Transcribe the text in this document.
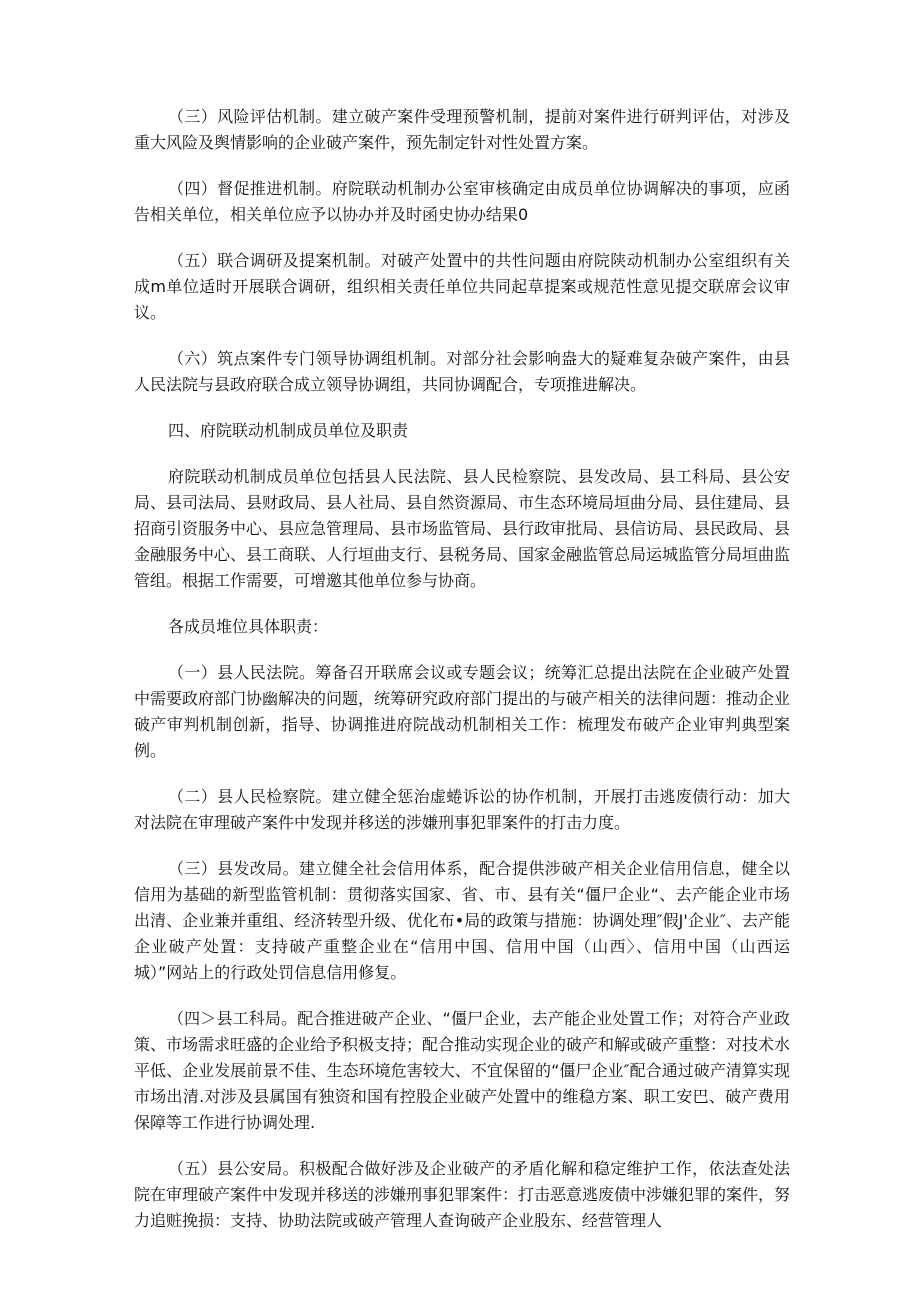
（三）风险评估机制。建立破产案件受理预警机制，提前对案件进行研判评估，对涉及重大风险及舆情影响的企业破产案件，预先制定针对性处置方案。

（四）督促推进机制。府院联动机制办公室审核确定由成员单位协调解决的事项，应函告相关单位，相关单位应予以协办并及时函史协办结果0

（五）联合调研及提案机制。对破产处置中的共性问题由府院陕动机制办公室组织有关成m单位适时开展联合调研，组织相关责任单位共同起草提案或规范性意见提交联席会议审议。

（六）筑点案件专门领导协调组机制。对部分社会影响盎大的疑难复杂破产案件，由县人民法院与县政府联合成立领导协调组，共同协调配合，专项推进解决。

四、府院联动机制成员单位及职责

府院联动机制成员单位包括县人民法院、县人民检察院、县发改局、县工科局、县公安局、县司法局、县财政局、县人社局、县自然资源局、市生态环境局垣曲分局、县住建局、县招商引资服务中心、县应急管理局、县市场监管局、县行政审批局、县信访局、县民政局、县金融服务中心、县工商联、人行垣曲支行、县税务局、国家金融监管总局运城监管分局垣曲监管组。根据工作需要，可增邀其他单位参与协商。

各成员堆位具体职责：

（一）县人民法院。筹备召开联席会议或专题会议；统筹汇总提出法院在企业破产处置中需要政府部门协幽解决的问题，统筹研究政府部门提出的与破产相关的法律问题：推动企业破产审判机制创新，指导、协调推进府院战动机制相关工作：梳理发布破产企业审判典型案例。

（二）县人民检察院。建立健全惩治虚蜷诉讼的协作机制，开展打击逃废债行动：加大对法院在审理破产案件中发现并移送的涉嫌刑事犯罪案件的打击力度。

（三）县发改局。建立健全社会信用体系，配合提供涉破产相关企业信用信息，健全以信用为基础的新型监管机制：贯彻落实国家、省、市、县有关“僵尸企业“、去产能企业市场出清、企业兼并重组、经济转型升级、优化布•局的政策与措施：协调处理″假J'企业″、去产能企业破产处置：支持破产重整企业在“信用中国、信用中国（山西〉、信用中国（山西运城）”网站上的行政处罚信息信用修复。

（四＞县工科局。配合推进破产企业、“僵尸企业，去产能企业处置工作；对符合产业政策、市场需求旺盛的企业给予积极支持；配合推动实现企业的破产和解或破产重整：对技术水平低、企业发展前景不佳、生态环境危害较大、不宜保留的“僵尸企业″配合通过破产清算实现市场出清.对涉及县属国有独资和国有控股企业破产处置中的维稳方案、职工安巴、破产费用保障等工作进行协调处理.

（五）县公安局。积极配合做好涉及企业破产的矛盾化解和稳定维护工作，依法查处法院在审理破产案件中发现并移送的涉嫌刑事犯罪案件：打击恶意逃废债中涉嫌犯罪的案件，努力追赃挽损：支持、协助法院或破产管理人查询破产企业股东、经营管理人
